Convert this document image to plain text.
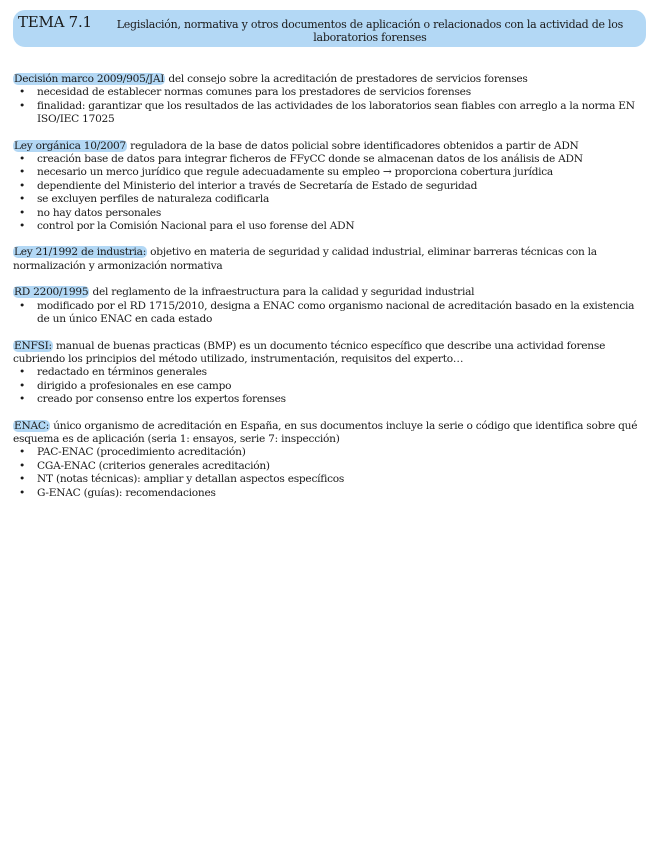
TEMA 7.1	Legislación, normativa y otros documentos de aplicación o relacionados con la actividad de los laboratorios forenses

Decisión marco 2009/905/JAI del consejo sobre la acreditación de prestadores de servicios forenses

• necesidad de establecer normas comunes para los prestadores de servicios forenses
• finalidad: garantizar que los resultados de las actividades de los laboratorios sean fiables con arreglo a la norma EN ISO/IEC 17025

Ley orgánica 10/2007 reguladora de la base de datos policial sobre identificadores obtenidos a partir de ADN

• creación base de datos para integrar ficheros de FFyCC donde se almacenan datos de los análisis de ADN
• necesario un merco jurídico que regule adecuadamente su empleo → proporciona cobertura jurídica
• dependiente del Ministerio del interior a través de Secretaría de Estado de seguridad
• se excluyen perfiles de naturaleza codificarla
• no hay datos personales
• control por la Comisión Nacional para el uso forense del ADN

Ley 21/1992 de industria: objetivo en materia de seguridad y calidad industrial, eliminar barreras técnicas con la normalización y armonización normativa

RD 2200/1995 del reglamento de la infraestructura para la calidad y seguridad industrial

• modificado por el RD 1715/2010, designa a ENAC como organismo nacional de acreditación basado en la existencia de un único ENAC en cada estado

ENFSI: manual de buenas practicas (BMP) es un documento técnico específico que describe una actividad forense cubriendo los principios del método utilizado, instrumentación, requisitos del experto…

• redactado en términos generales
• dirigido a profesionales en ese campo
• creado por consenso entre los expertos forenses

ENAC: único organismo de acreditación en España, en sus documentos incluye la serie o código que identifica sobre qué esquema es de aplicación (seria 1: ensayos, serie 7: inspección)

• PAC-ENAC (procedimiento acreditación)
• CGA-ENAC (criterios generales acreditación)
• NT (notas técnicas): ampliar y detallan aspectos específicos
• G-ENAC (guías): recomendaciones
